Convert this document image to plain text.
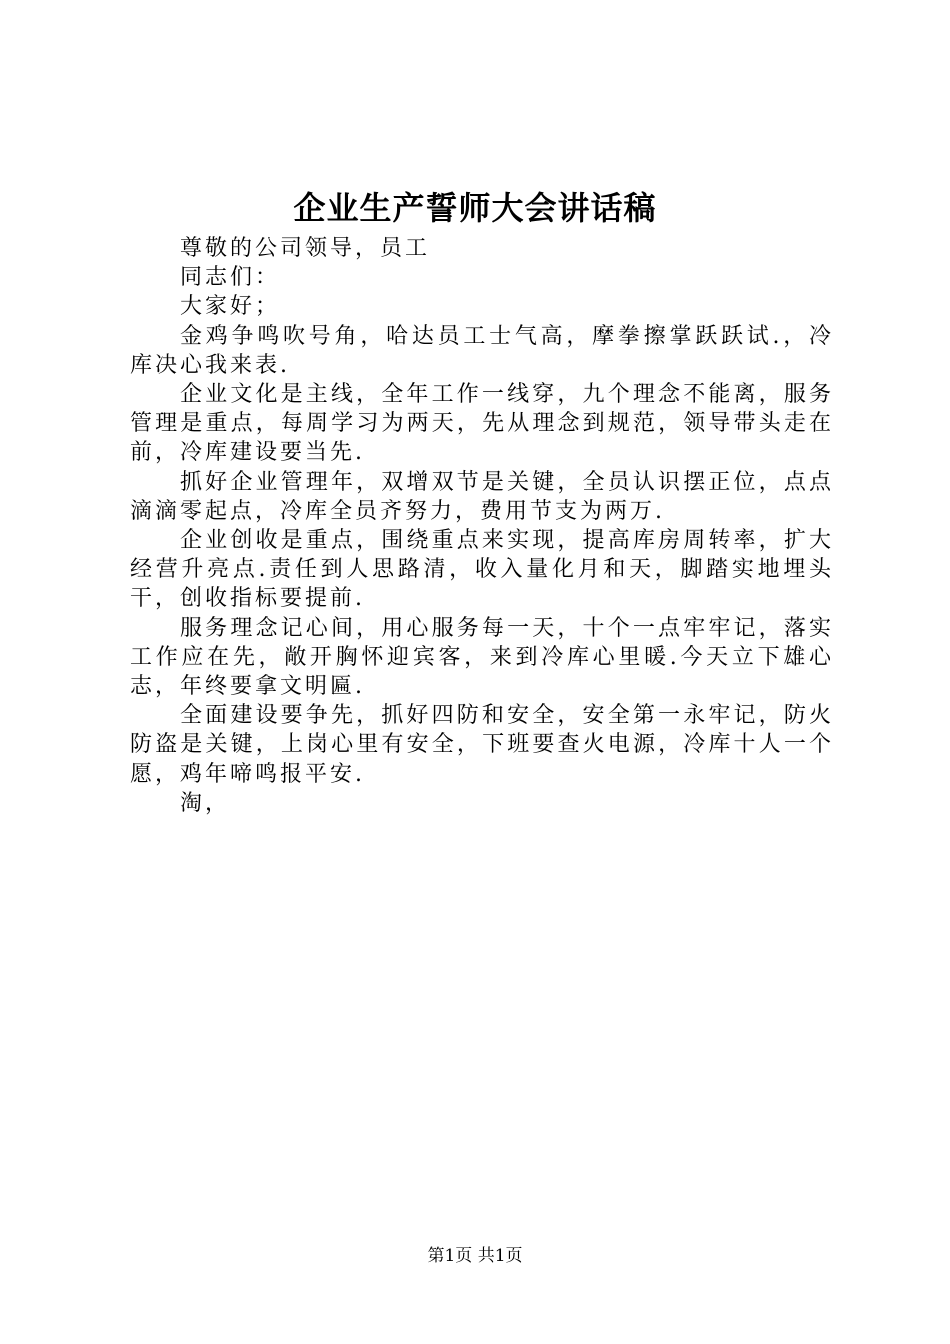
企业生产誓师大会讲话稿

尊敬的公司领导，员工

同志们：

大家好；

金鸡争鸣吹号角，哈达员工士气高，摩拳擦掌跃跃试.，冷库决心我来表.

企业文化是主线，全年工作一线穿，九个理念不能离，服务管理是重点，每周学习为两天，先从理念到规范，领导带头走在前，冷库建设要当先.

抓好企业管理年，双增双节是关键，全员认识摆正位，点点滴滴零起点，冷库全员齐努力，费用节支为两万.

企业创收是重点，围绕重点来实现，提高库房周转率，扩大经营升亮点.责任到人思路清，收入量化月和天，脚踏实地埋头干，创收指标要提前.

服务理念记心间，用心服务每一天，十个一点牢牢记，落实工作应在先，敞开胸怀迎宾客，来到冷库心里暖.今天立下雄心志，年终要拿文明匾.

全面建设要争先，抓好四防和安全，安全第一永牢记，防火防盗是关键，上岗心里有安全，下班要查火电源，冷库十人一个愿，鸡年啼鸣报平安.

淘，

第1页 共1页
